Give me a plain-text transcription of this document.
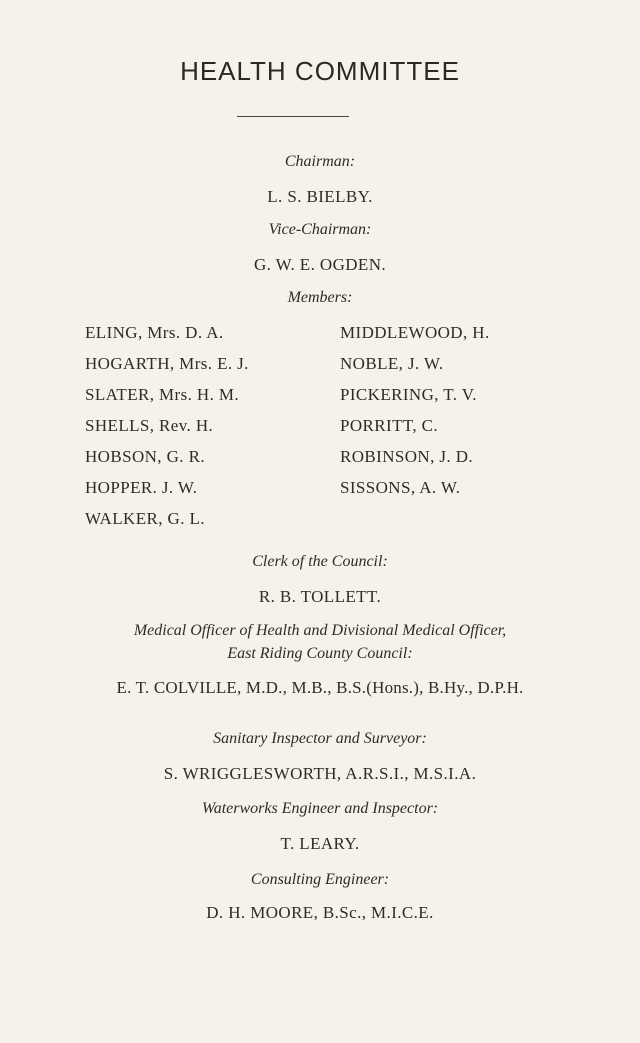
HEALTH COMMITTEE
Chairman:
L. S. BIELBY.
Vice-Chairman:
G. W. E. OGDEN.
Members:
ELING, Mrs. D. A.
HOGARTH, Mrs. E. J.
SLATER, Mrs. H. M.
SHELLS, Rev. H.
HOBSON, G. R.
HOPPER. J. W.
WALKER, G. L.
MIDDLEWOOD, H.
NOBLE, J. W.
PICKERING, T. V.
PORRITT, C.
ROBINSON, J. D.
SISSONS, A. W.
Clerk of the Council:
R. B. TOLLETT.
Medical Officer of Health and Divisional Medical Officer,
East Riding County Council:
E. T. COLVILLE, M.D., M.B., B.S.(Hons.), B.Hy., D.P.H.
Sanitary Inspector and Surveyor:
S. WRIGGLESWORTH, A.R.S.I., M.S.I.A.
Waterworks Engineer and Inspector:
T. LEARY.
Consulting Engineer:
D. H. MOORE, B.Sc., M.I.C.E.
